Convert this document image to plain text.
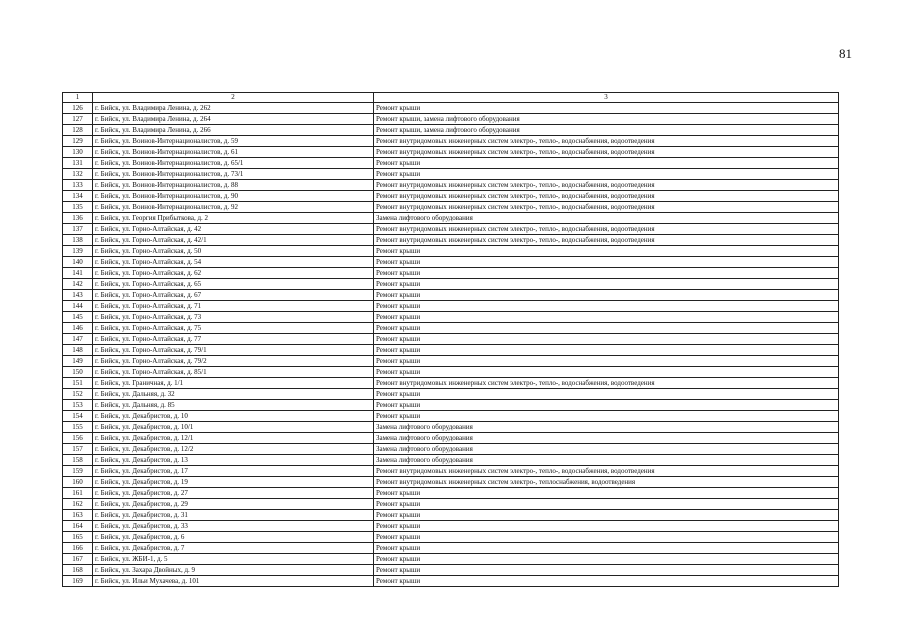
81
1	2	3
126	г. Бийск, ул. Владимира Ленина, д. 262	Ремонт крыши
127	г. Бийск, ул. Владимира Ленина, д. 264	Ремонт крыши, замена лифтового оборудования
128	г. Бийск, ул. Владимира Ленина, д. 266	Ремонт крыши, замена лифтового оборудования
129	г. Бийск, ул. Воинов-Интернационалистов, д. 59	Ремонт внутридомовых инженерных систем электро-, тепло-, водоснабжения, водоотведения
130	г. Бийск, ул. Воинов-Интернационалистов, д. 61	Ремонт внутридомовых инженерных систем электро-, тепло-, водоснабжения, водоотведения
131	г. Бийск, ул. Воинов-Интернационалистов, д. 65/1	Ремонт крыши
132	г. Бийск, ул. Воинов-Интернационалистов, д. 73/1	Ремонт крыши
133	г. Бийск, ул. Воинов-Интернационалистов, д. 88	Ремонт внутридомовых инженерных систем электро-, тепло-, водоснабжения, водоотведения
134	г. Бийск, ул. Воинов-Интернационалистов, д. 90	Ремонт внутридомовых инженерных систем электро-, тепло-, водоснабжения, водоотведения
135	г. Бийск, ул. Воинов-Интернационалистов, д. 92	Ремонт внутридомовых инженерных систем электро-, тепло-, водоснабжения, водоотведения
136	г. Бийск, ул. Георгия Прибыткова, д. 2	Замена лифтового оборудования
137	г. Бийск, ул. Горно-Алтайская, д. 42	Ремонт внутридомовых инженерных систем электро-, тепло-, водоснабжения, водоотведения
138	г. Бийск, ул. Горно-Алтайская, д. 42/1	Ремонт внутридомовых инженерных систем электро-, тепло-, водоснабжения, водоотведения
139	г. Бийск, ул. Горно-Алтайская, д. 50	Ремонт крыши
140	г. Бийск, ул. Горно-Алтайская, д. 54	Ремонт крыши
141	г. Бийск, ул. Горно-Алтайская, д. 62	Ремонт крыши
142	г. Бийск, ул. Горно-Алтайская, д. 65	Ремонт крыши
143	г. Бийск, ул. Горно-Алтайская, д. 67	Ремонт крыши
144	г. Бийск, ул. Горно-Алтайская, д. 71	Ремонт крыши
145	г. Бийск, ул. Горно-Алтайская, д. 73	Ремонт крыши
146	г. Бийск, ул. Горно-Алтайская, д. 75	Ремонт крыши
147	г. Бийск, ул. Горно-Алтайская, д. 77	Ремонт крыши
148	г. Бийск, ул. Горно-Алтайская, д. 79/1	Ремонт крыши
149	г. Бийск, ул. Горно-Алтайская, д. 79/2	Ремонт крыши
150	г. Бийск, ул. Горно-Алтайская, д. 85/1	Ремонт крыши
151	г. Бийск, ул. Граничная, д. 1/1	Ремонт внутридомовых инженерных систем электро-, тепло-, водоснабжения, водоотведения
152	г. Бийск, ул. Дальняя, д. 32	Ремонт крыши
153	г. Бийск, ул. Дальняя, д. 85	Ремонт крыши
154	г. Бийск, ул. Декабристов, д. 10	Ремонт крыши
155	г. Бийск, ул. Декабристов, д. 10/1	Замена лифтового оборудования
156	г. Бийск, ул. Декабристов, д. 12/1	Замена лифтового оборудования
157	г. Бийск, ул. Декабристов, д. 12/2	Замена лифтового оборудования
158	г. Бийск, ул. Декабристов, д. 13	Замена лифтового оборудования
159	г. Бийск, ул. Декабристов, д. 17	Ремонт внутридомовых инженерных систем электро-, тепло-, водоснабжения, водоотведения
160	г. Бийск, ул. Декабристов, д. 19	Ремонт внутридомовых инженерных систем электро-, теплоснабжения, водоотведения
161	г. Бийск, ул. Декабристов, д. 27	Ремонт крыши
162	г. Бийск, ул. Декабристов, д. 29	Ремонт крыши
163	г. Бийск, ул. Декабристов, д. 31	Ремонт крыши
164	г. Бийск, ул. Декабристов, д. 33	Ремонт крыши
165	г. Бийск, ул. Декабристов, д. 6	Ремонт крыши
166	г. Бийск, ул. Декабристов, д. 7	Ремонт крыши
167	г. Бийск, ул. ЖБИ-1, д. 5	Ремонт крыши
168	г. Бийск, ул. Захара Двойных, д. 9	Ремонт крыши
169	г. Бийск, ул. Ильи Мухачева, д. 101	Ремонт крыши
